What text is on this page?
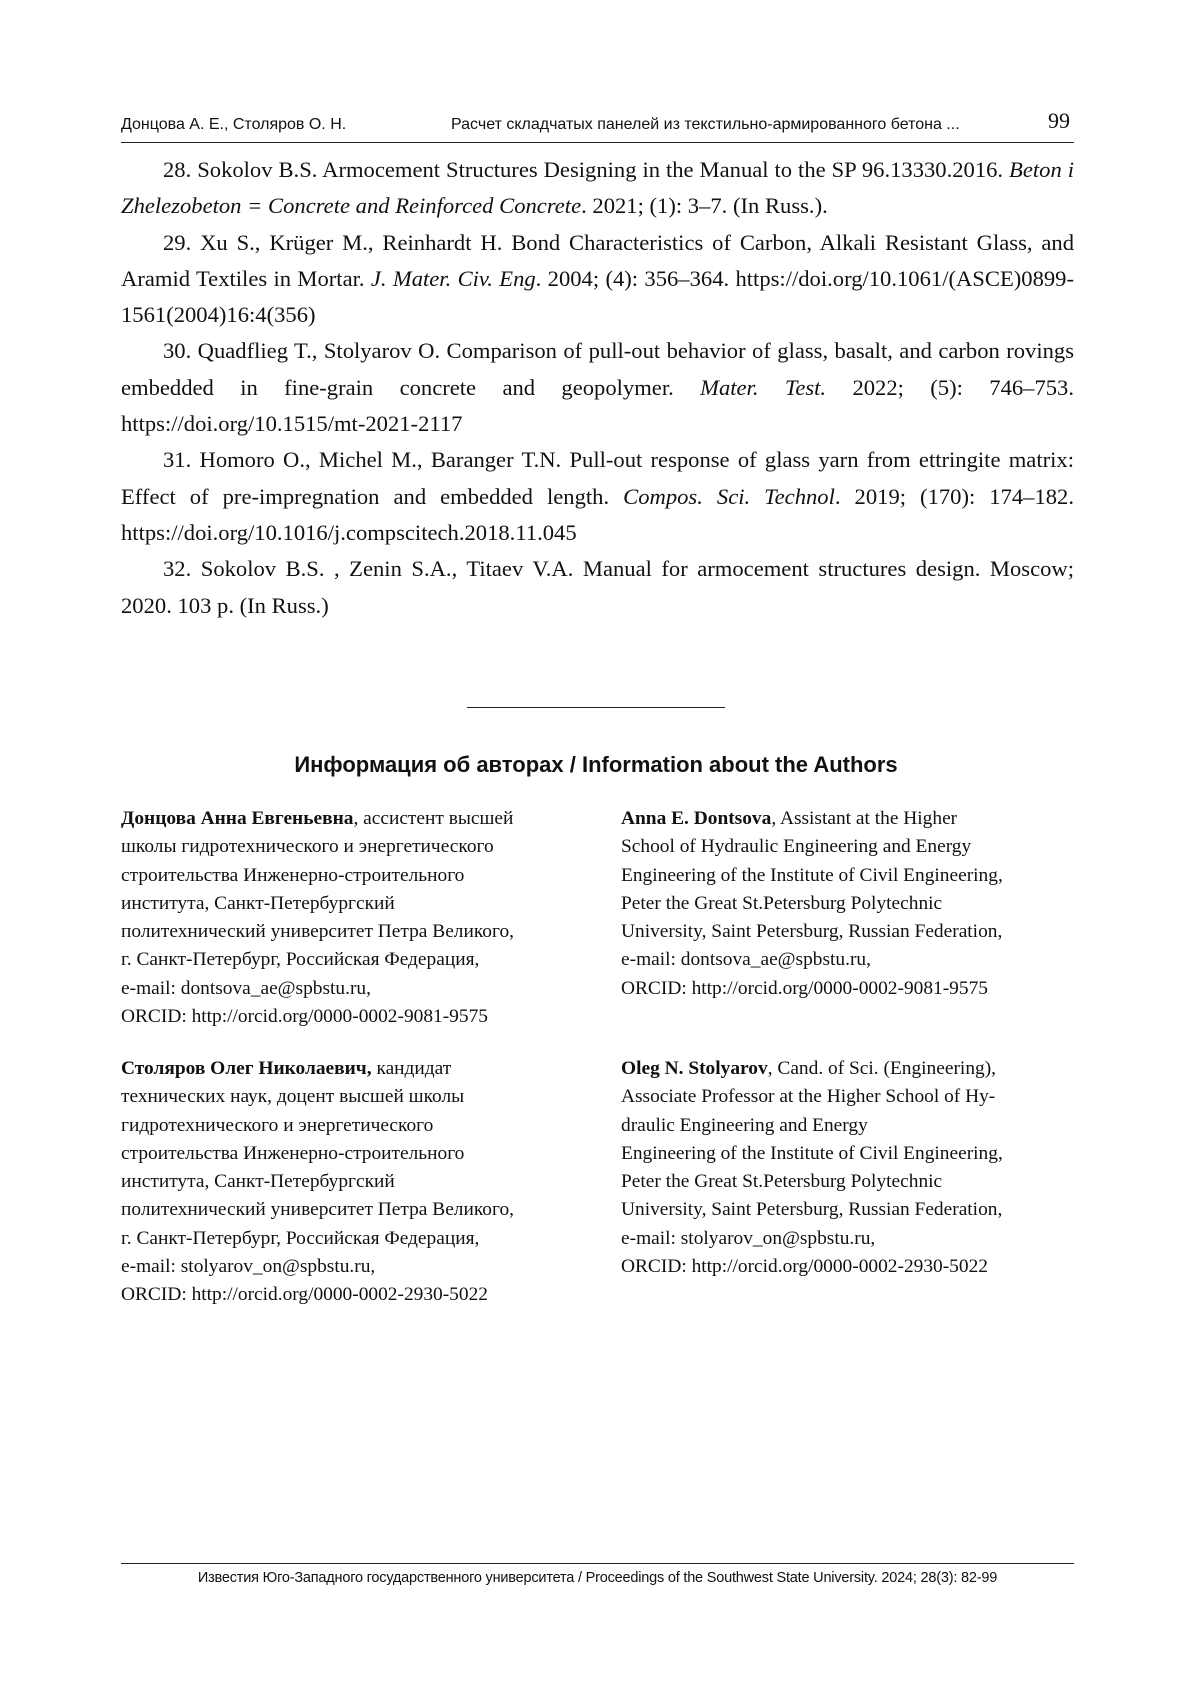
Донцова А. Е., Столяров О. Н.	Расчет складчатых панелей из текстильно-армированного бетона ...	99

28. Sokolov B.S. Armocement Structures Designing in the Manual to the SP 96.13330.2016. Beton i Zhelezobeton = Concrete and Reinforced Concrete. 2021; (1): 3–7. (In Russ.).

29. Xu S., Krüger M., Reinhardt H. Bond Characteristics of Carbon, Alkali Resistant Glass, and Aramid Textiles in Mortar. J. Mater. Civ. Eng. 2004; (4): 356–364. https://doi.org/10.1061/(ASCE)0899-1561(2004)16:4(356)

30. Quadflieg T., Stolyarov O. Comparison of pull-out behavior of glass, basalt, and carbon rovings embedded in fine-grain concrete and geopolymer. Mater. Test. 2022; (5): 746–753. https://doi.org/10.1515/mt-2021-2117

31. Homoro O., Michel M., Baranger T.N. Pull-out response of glass yarn from ettringite matrix: Effect of pre-impregnation and embedded length. Compos. Sci. Technol. 2019; (170): 174–182. https://doi.org/10.1016/j.compscitech.2018.11.045

32. Sokolov B.S. , Zenin S.A., Titaev V.A. Manual for armocement structures design. Moscow; 2020. 103 p. (In Russ.)

Информация об авторах / Information about the Authors

Донцова Анна Евгеньевна, ассистент высшей
школы гидротехнического и энергетического
строительства Инженерно-строительного
института, Санкт-Петербургский
политехнический университет Петра Великого,
г. Санкт-Петербург, Российская Федерация,
e-mail: dontsova_ae@spbstu.ru,
ORCID: http://orcid.org/0000-0002-9081-9575

Anna E. Dontsova, Assistant at the Higher
School of Hydraulic Engineering and Energy
Engineering of the Institute of Civil Engineering,
Peter the Great St.Petersburg Polytechnic
University, Saint Petersburg, Russian Federation,
e-mail: dontsova_ae@spbstu.ru,
ORCID: http://orcid.org/0000-0002-9081-9575

Столяров Олег Николаевич, кандидат
технических наук, доцент высшей школы
гидротехнического и энергетического
строительства Инженерно-строительного
института, Санкт-Петербургский
политехнический университет Петра Великого,
г. Санкт-Петербург, Российская Федерация,
e-mail: stolyarov_on@spbstu.ru,
ORCID: http://orcid.org/0000-0002-2930-5022

Oleg N. Stolyarov, Cand. of Sci. (Engineering),
Associate Professor at the Higher School of Hy-
draulic Engineering and Energy
Engineering of the Institute of Civil Engineering,
Peter the Great St.Petersburg Polytechnic
University, Saint Petersburg, Russian Federation,
e-mail: stolyarov_on@spbstu.ru,
ORCID: http://orcid.org/0000-0002-2930-5022

Известия Юго-Западного государственного университета / Proceedings of the Southwest State University. 2024; 28(3): 82-99
